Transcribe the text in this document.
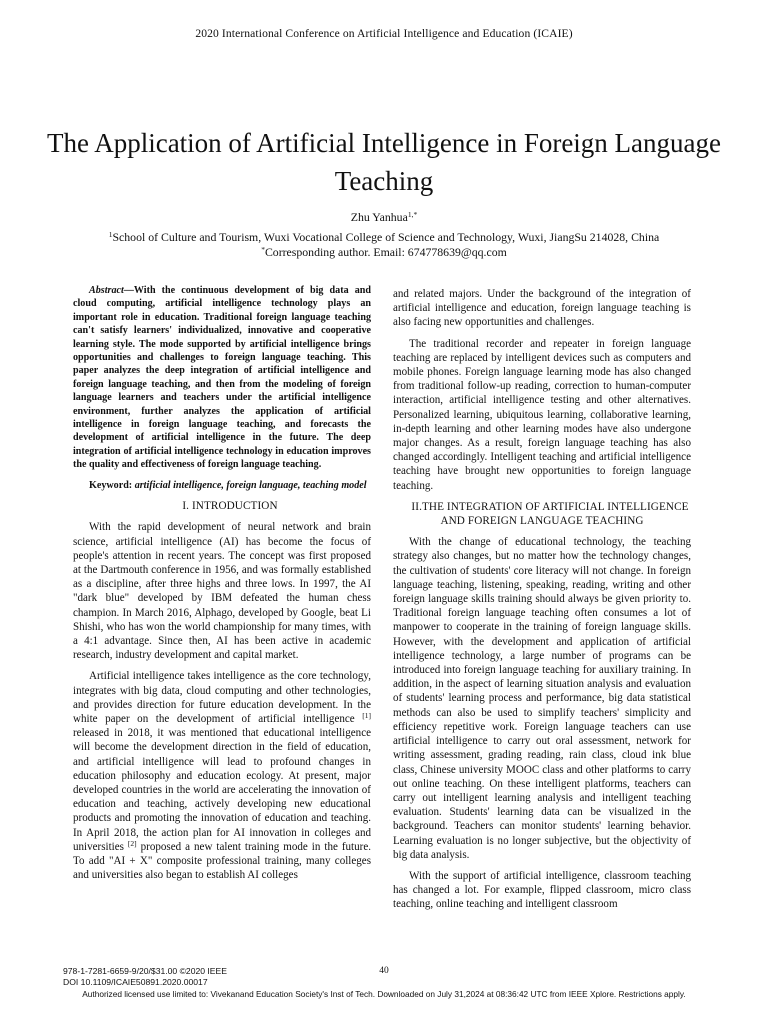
2020 International Conference on Artificial Intelligence and Education (ICAIE)
The Application of Artificial Intelligence in Foreign Language Teaching
Zhu Yanhua$^{1,*}$
$^1$School of Culture and Tourism, Wuxi Vocational College of Science and Technology, Wuxi, JiangSu 214028, China
*Corresponding author. Email: 674778639@qq.com

Abstract—With the continuous development of big data and cloud computing, artificial intelligence technology plays an important role in education. Traditional foreign language teaching can't satisfy learners' individualized, innovative and cooperative learning style. The mode supported by artificial intelligence brings opportunities and challenges to foreign language teaching. This paper analyzes the deep integration of artificial intelligence and foreign language teaching, and then from the modeling of foreign language learners and teachers under the artificial intelligence environment, further analyzes the application of artificial intelligence in foreign language teaching, and forecasts the development of artificial intelligence in the future. The deep integration of artificial intelligence technology in education improves the quality and effectiveness of foreign language teaching.

Keyword: artificial intelligence, foreign language, teaching model

I. INTRODUCTION

With the rapid development of neural network and brain science, artificial intelligence (AI) has become the focus of people's attention in recent years. The concept was first proposed at the Dartmouth conference in 1956, and was formally established as a discipline, after three highs and three lows. In 1997, the AI "dark blue" developed by IBM defeated the human chess champion. In March 2016, Alphago, developed by Google, beat Li Shishi, who has won the world championship for many times, with a 4:1 advantage. Since then, AI has been active in academic research, industry development and capital market.

Artificial intelligence takes intelligence as the core technology, integrates with big data, cloud computing and other technologies, and provides direction for future education development. In the white paper on the development of artificial intelligence [1] released in 2018, it was mentioned that educational intelligence will become the development direction in the field of education, and artificial intelligence will lead to profound changes in education philosophy and education ecology. At present, major developed countries in the world are accelerating the innovation of education and teaching, actively developing new educational products and promoting the innovation of education and teaching. In April 2018, the action plan for AI innovation in colleges and universities [2] proposed a new talent training mode in the future. To add "AI + X" composite professional training, many colleges and universities also began to establish AI colleges

and related majors. Under the background of the integration of artificial intelligence and education, foreign language teaching is also facing new opportunities and challenges.

The traditional recorder and repeater in foreign language teaching are replaced by intelligent devices such as computers and mobile phones. Foreign language learning mode has also changed from traditional follow-up reading, correction to human-computer interaction, artificial intelligence testing and other alternatives. Personalized learning, ubiquitous learning, collaborative learning, in-depth learning and other learning modes have also undergone major changes. As a result, foreign language teaching has also changed accordingly. Intelligent teaching and artificial intelligence teaching have brought new opportunities to foreign language teaching.

II.THE INTEGRATION OF ARTIFICIAL INTELLIGENCE AND FOREIGN LANGUAGE TEACHING

With the change of educational technology, the teaching strategy also changes, but no matter how the technology changes, the cultivation of students' core literacy will not change. In foreign language teaching, listening, speaking, reading, writing and other foreign language skills training should always be given priority to. Traditional foreign language teaching often consumes a lot of manpower to cooperate in the training of foreign language skills. However, with the development and application of artificial intelligence technology, a large number of programs can be introduced into foreign language teaching for auxiliary training. In addition, in the aspect of learning situation analysis and evaluation of students' learning process and performance, big data statistical methods can also be used to simplify teachers' simplicity and efficiency repetitive work. Foreign language teachers can use artificial intelligence to carry out oral assessment, network for writing assessment, grading reading, rain class, cloud ink blue class, Chinese university MOOC class and other platforms to carry out online teaching. On these intelligent platforms, teachers can carry out intelligent learning analysis and intelligent teaching evaluation. Students' learning data can be visualized in the background. Teachers can monitor students' learning behavior. Learning evaluation is no longer subjective, but the objectivity of big data analysis.

With the support of artificial intelligence, classroom teaching has changed a lot. For example, flipped classroom, micro class teaching, online teaching and intelligent classroom

978-1-7281-6659-9/20/$31.00 ©2020 IEEE
DOI 10.1109/ICAIE50891.2020.00017
40
Authorized licensed use limited to: Vivekanand Education Society's Inst of Tech. Downloaded on July 31,2024 at 08:36:42 UTC from IEEE Xplore. Restrictions apply.
